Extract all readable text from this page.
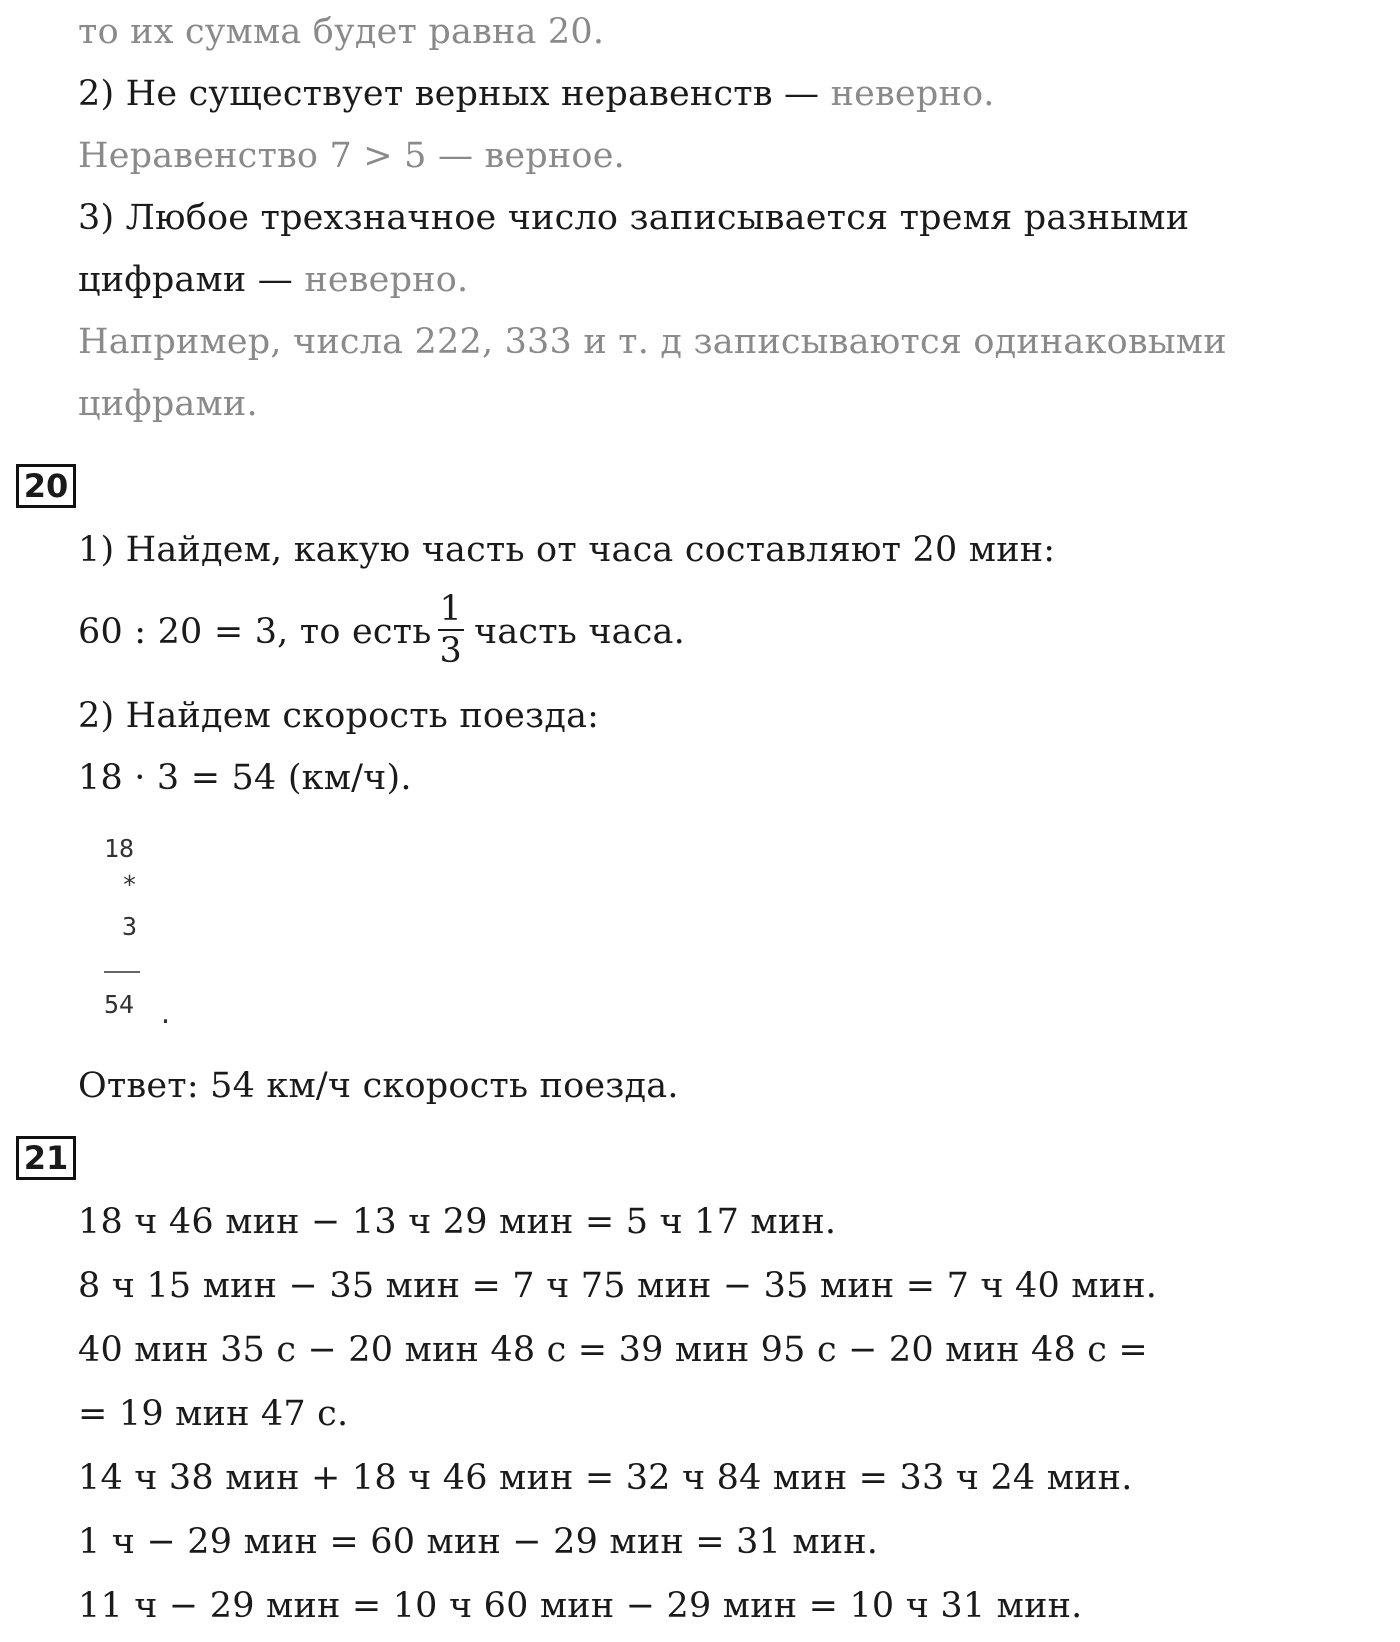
то их сумма будет равна 20.
2) Не существует верных неравенств — неверно.
Неравенство 7 > 5 — верное.
3) Любое трехзначное число записывается тремя разными
цифрами — неверно.
Например, числа 222, 333 и т. д записываются одинаковыми
цифрами.
20
1) Найдем, какую часть от часа составляют 20 мин:
60 : 20 = 3, то есть $\frac{1}{3}$ часть часа.
2) Найдем скорость поезда:
18 · 3 = 54 (км/ч).
18
*
3
54 .
Ответ: 54 км/ч скорость поезда.
21
18 ч 46 мин − 13 ч 29 мин = 5 ч 17 мин.
8 ч 15 мин − 35 мин = 7 ч 75 мин − 35 мин = 7 ч 40 мин.
40 мин 35 с − 20 мин 48 с = 39 мин 95 с − 20 мин 48 с =
= 19 мин 47 с.
14 ч 38 мин + 18 ч 46 мин = 32 ч 84 мин = 33 ч 24 мин.
1 ч − 29 мин = 60 мин − 29 мин = 31 мин.
11 ч − 29 мин = 10 ч 60 мин − 29 мин = 10 ч 31 мин.
